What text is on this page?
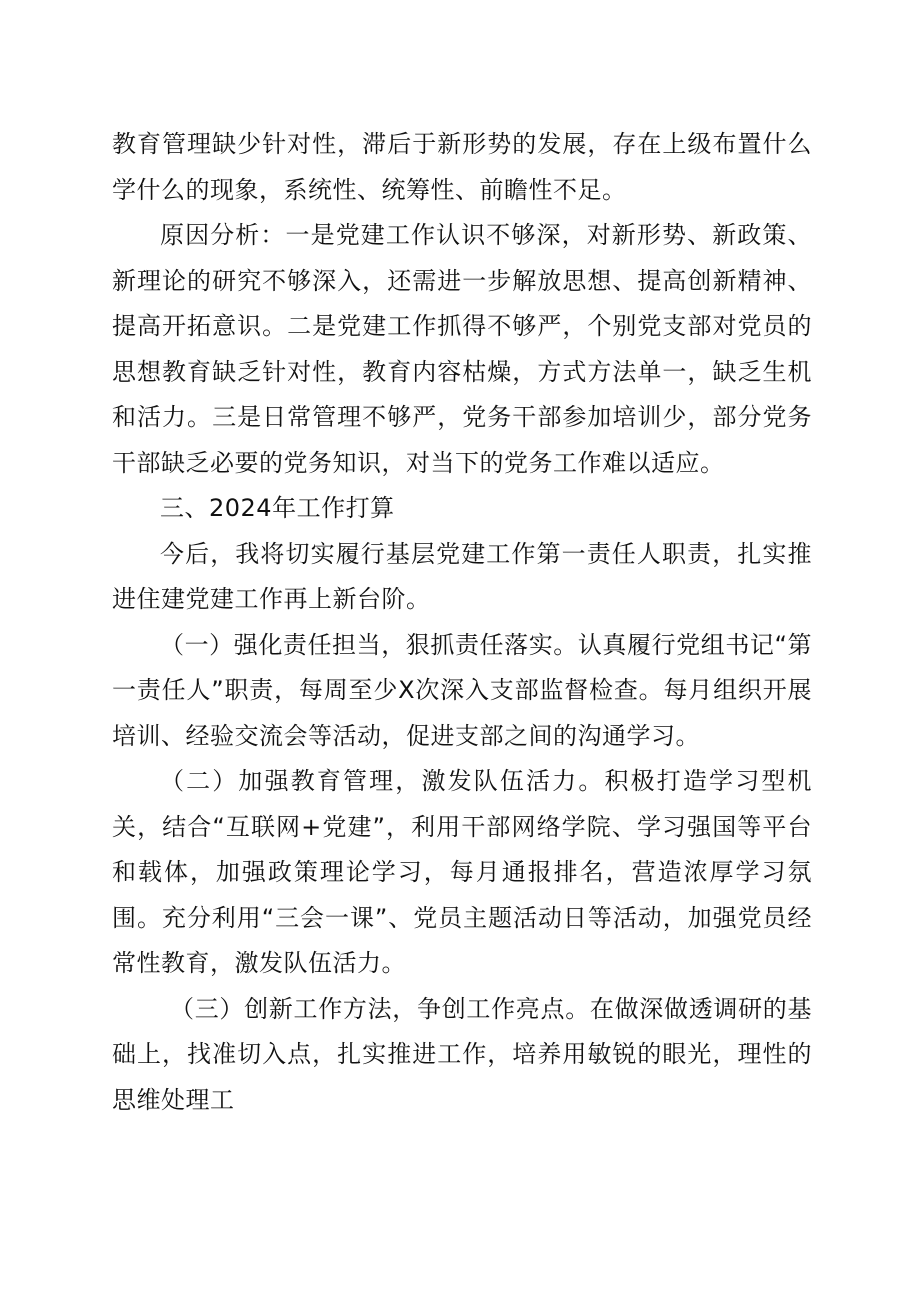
教育管理缺少针对性，滞后于新形势的发展，存在上级布置什么学什么的现象，系统性、统筹性、前瞻性不足。

原因分析：一是党建工作认识不够深，对新形势、新政策、新理论的研究不够深入，还需进一步解放思想、提高创新精神、提高开拓意识。二是党建工作抓得不够严，个别党支部对党员的思想教育缺乏针对性，教育内容枯燥，方式方法单一，缺乏生机和活力。三是日常管理不够严，党务干部参加培训少，部分党务干部缺乏必要的党务知识，对当下的党务工作难以适应。

三、2024年工作打算

今后，我将切实履行基层党建工作第一责任人职责，扎实推进住建党建工作再上新台阶。

（一）强化责任担当，狠抓责任落实。认真履行党组书记“第一责任人”职责，每周至少X次深入支部监督检查。每月组织开展培训、经验交流会等活动，促进支部之间的沟通学习。

（二）加强教育管理，激发队伍活力。积极打造学习型机关，结合“互联网+党建”，利用干部网络学院、学习强国等平台和载体，加强政策理论学习，每月通报排名，营造浓厚学习氛围。充分利用“三会一课”、党员主题活动日等活动，加强党员经常性教育，激发队伍活力。

（三）创新工作方法，争创工作亮点。在做深做透调研的基础上，找准切入点，扎实推进工作，培养用敏锐的眼光，理性的思维处理工
